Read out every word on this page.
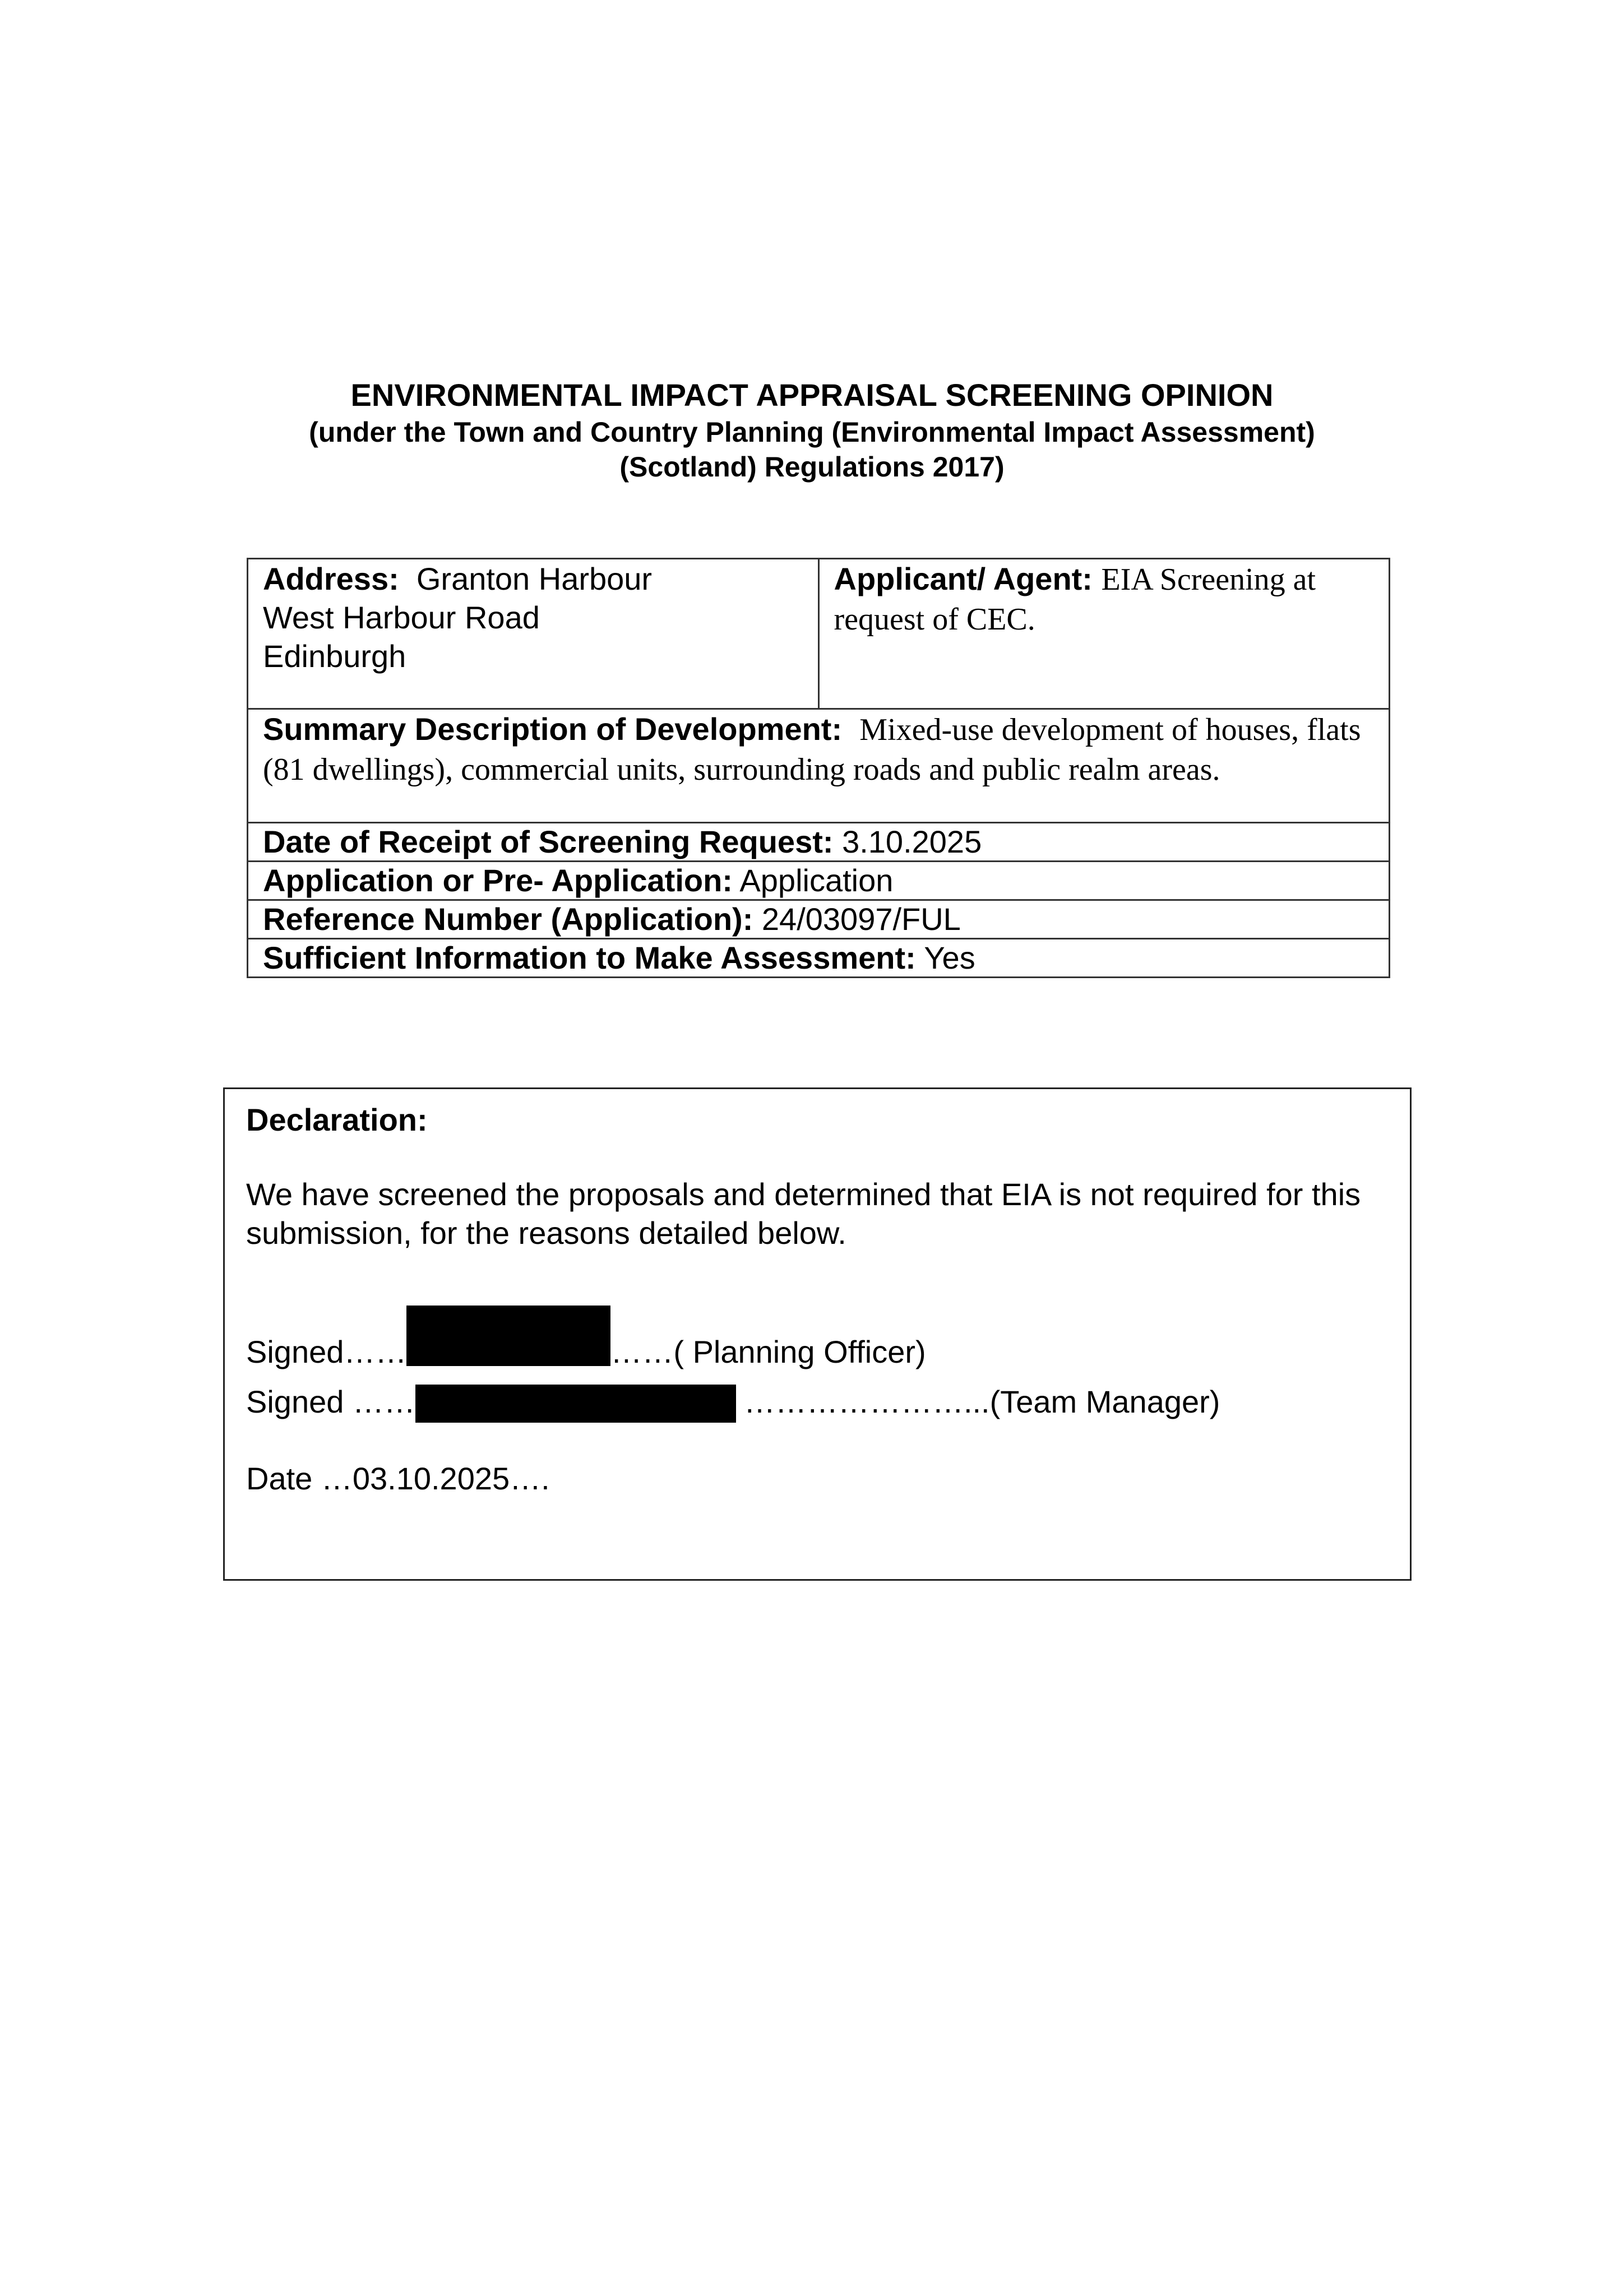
ENVIRONMENTAL IMPACT APPRAISAL SCREENING OPINION
(under the Town and Country Planning (Environmental Impact Assessment)
(Scotland) Regulations 2017)
Address: Granton Harbour
West Harbour Road
Edinburgh
	Applicant/ Agent: EIA Screening at request of CEC.
Summary Description of Development: Mixed-use development of houses, flats (81 dwellings), commercial units, surrounding roads and public realm areas.
Date of Receipt of Screening Request: 3.10.2025
Application or Pre- Application: Application
Reference Number (Application): 24/03097/FUL
Sufficient Information to Make Assessment: Yes
Declaration:
We have screened the proposals and determined that EIA is not required for this submission, for the reasons detailed below.
Signed……	……( Planning Officer)
Signed ……	…………………...(Team Manager)
Date …03.10.2025….
